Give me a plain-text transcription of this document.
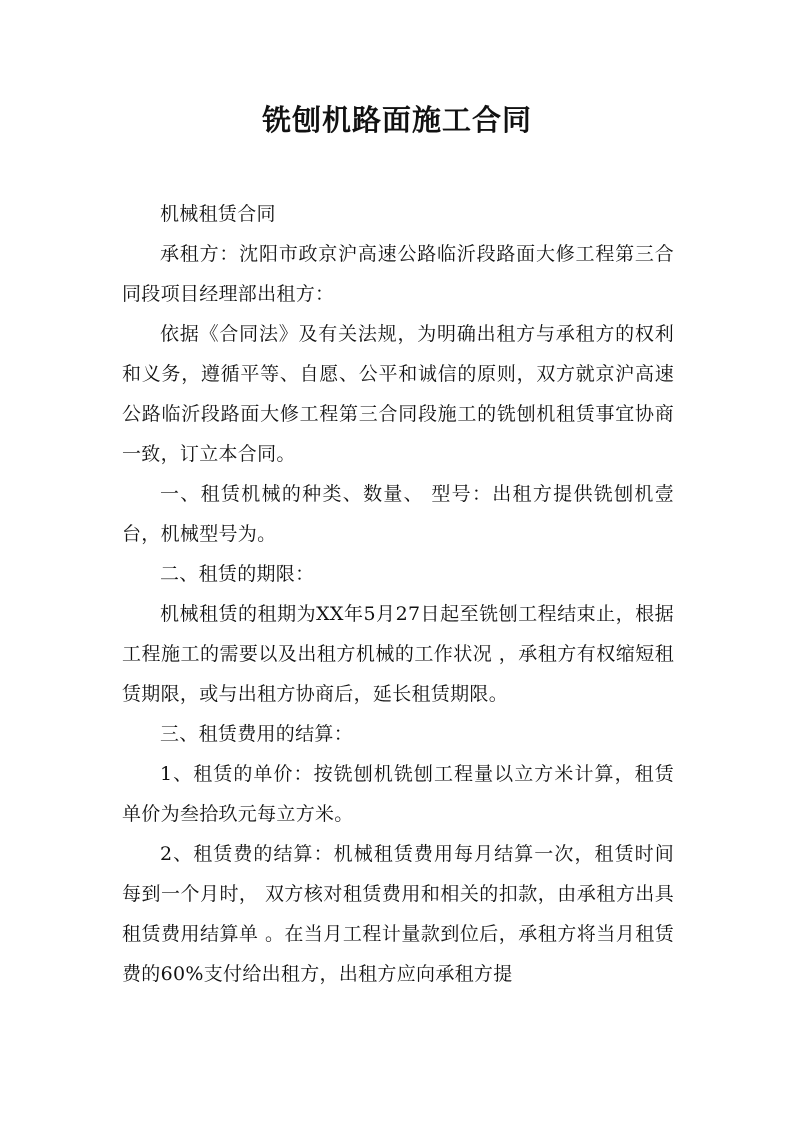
铣刨机路面施工合同

机械租赁合同

承租方：沈阳市政京沪高速公路临沂段路面大修工程第三合同段项目经理部出租方：

依据《合同法》及有关法规，为明确出租方与承租方的权利和义务，遵循平等、自愿、公平和诚信的原则，双方就京沪高速公路临沂段路面大修工程第三合同段施工的铣刨机租赁事宜协商一致，订立本合同。

一、租赁机械的种类、数量、 型号：出租方提供铣刨机壹台，机械型号为。

二、租赁的期限：

机械租赁的租期为XX年5月27日起至铣刨工程结束止，根据工程施工的需要以及出租方机械的工作状况 ，承租方有权缩短租赁期限，或与出租方协商后，延长租赁期限。

三、租赁费用的结算：

1、租赁的单价：按铣刨机铣刨工程量以立方米计算，租赁单价为叁拾玖元每立方米。

2、租赁费的结算：机械租赁费用每月结算一次，租赁时间每到一个月时， 双方核对租赁费用和相关的扣款，由承租方出具租赁费用结算单 。在当月工程计量款到位后，承租方将当月租赁费的60%支付给出租方，出租方应向承租方提
